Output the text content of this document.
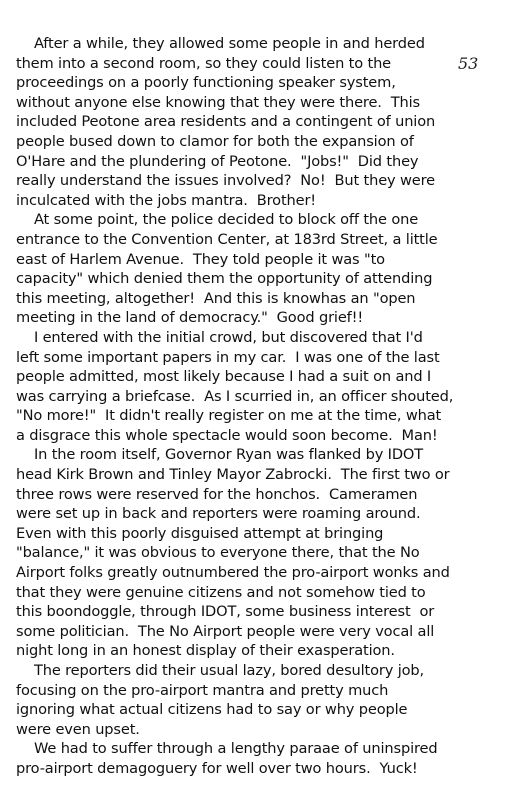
53
After a while, they allowed some people in and herded
them into a second room, so they could listen to the
proceedings on a poorly functioning speaker system,
without anyone else knowing that they were there.  This
included Peotone area residents and a contingent of union
people bused down to clamor for both the expansion of
O'Hare and the plundering of Peotone.  "Jobs!"  Did they
really understand the issues involved?  No!  But they were
inculcated with the jobs mantra.  Brother!
At some point, the police decided to block off the one
entrance to the Convention Center, at 183rd Street, a little
east of Harlem Avenue.  They told people it was "to
capacity" which denied them the opportunity of attending
this meeting, altogether!  And this is knowhas an "open
meeting in the land of democracy."  Good grief!!
I entered with the initial crowd, but discovered that I'd
left some important papers in my car.  I was one of the last
people admitted, most likely because I had a suit on and I
was carrying a briefcase.  As I scurried in, an officer shouted,
"No more!"  It didn't really register on me at the time, what
a disgrace this whole spectacle would soon become.  Man!
In the room itself, Governor Ryan was flanked by IDOT
head Kirk Brown and Tinley Mayor Zabrocki.  The first two or
three rows were reserved for the honchos.  Cameramen
were set up in back and reporters were roaming around.
Even with this poorly disguised attempt at bringing
"balance," it was obvious to everyone there, that the No
Airport folks greatly outnumbered the pro-airport wonks and
that they were genuine citizens and not somehow tied to
this boondoggle, through IDOT, some business interest  or
some politician.  The No Airport people were very vocal all
night long in an honest display of their exasperation.
The reporters did their usual lazy, bored desultory job,
focusing on the pro-airport mantra and pretty much
ignoring what actual citizens had to say or why people
were even upset.
We had to suffer through a lengthy paraae of uninspired
pro-airport demagoguery for well over two hours.  Yuck!
